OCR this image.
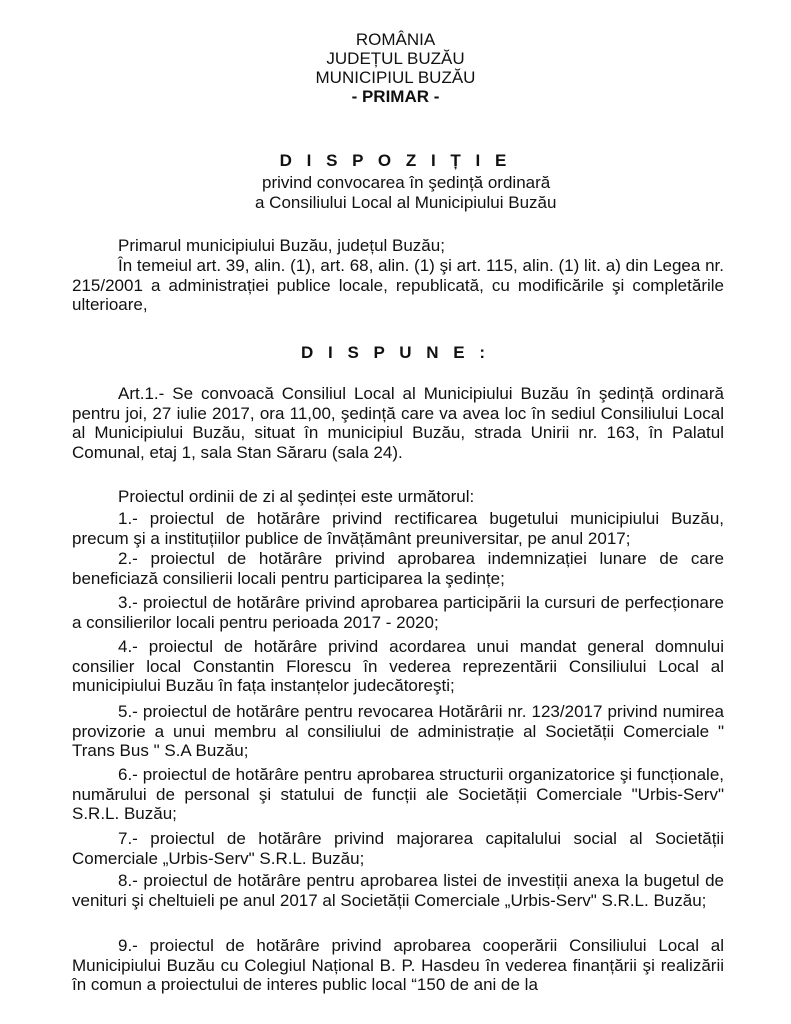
ROMÂNIA
JUDEȚUL BUZĂU
MUNICIPIUL BUZĂU
- PRIMAR -
D I S P O Z I Ț I E
privind convocarea în şedință ordinară
a Consiliului Local al Municipiului Buzău
Primarul municipiului Buzău, județul Buzău;
În temeiul art. 39, alin. (1), art. 68, alin. (1) şi art. 115, alin. (1) lit. a) din Legea nr. 215/2001 a administrației publice locale, republicată, cu modificările şi completările ulterioare,
D I S P U N E :
Art.1.- Se convoacă Consiliul Local al Municipiului Buzău în şedință ordinară pentru joi, 27 iulie 2017, ora 11,00, şedință care va avea loc în sediul Consiliului Local al Municipiului Buzău, situat în municipiul Buzău, strada Unirii nr. 163, în Palatul Comunal, etaj 1, sala Stan Săraru (sala 24).
Proiectul ordinii de zi al şedinței este următorul:
1.- proiectul de hotărâre privind rectificarea bugetului municipiului Buzău, precum şi a instituțiilor publice de învățământ preuniversitar, pe anul 2017;
2.- proiectul de hotărâre privind aprobarea indemnizației lunare de care beneficiază consilierii locali pentru participarea la şedințe;
3.- proiectul de hotărâre privind aprobarea participării la cursuri de perfecționare a consilierilor locali pentru perioada 2017 - 2020;
4.- proiectul de hotărâre privind acordarea unui mandat general domnului consilier local Constantin Florescu în vederea reprezentării Consiliului Local al municipiului Buzău în fața instanțelor judecătoreşti;
5.- proiectul de hotărâre pentru revocarea Hotărârii nr. 123/2017 privind numirea provizorie a unui membru al consiliului de administrație al Societății Comerciale " Trans Bus " S.A Buzău;
6.- proiectul de hotărâre pentru aprobarea structurii organizatorice şi funcționale, numărului de personal şi statului de funcții ale Societății Comerciale "Urbis-Serv" S.R.L. Buzău;
7.- proiectul de hotărâre privind majorarea capitalului social al Societății Comerciale „Urbis-Serv" S.R.L. Buzău;
8.- proiectul de hotărâre pentru aprobarea listei de investiții anexa la bugetul de venituri şi cheltuieli pe anul 2017 al Societății Comerciale „Urbis-Serv" S.R.L. Buzău;
9.- proiectul de hotărâre privind aprobarea cooperării Consiliului Local al Municipiului Buzău cu Colegiul Național B. P. Hasdeu în vederea finanțării şi realizării în comun a proiectului de interes public local “150 de ani de la
